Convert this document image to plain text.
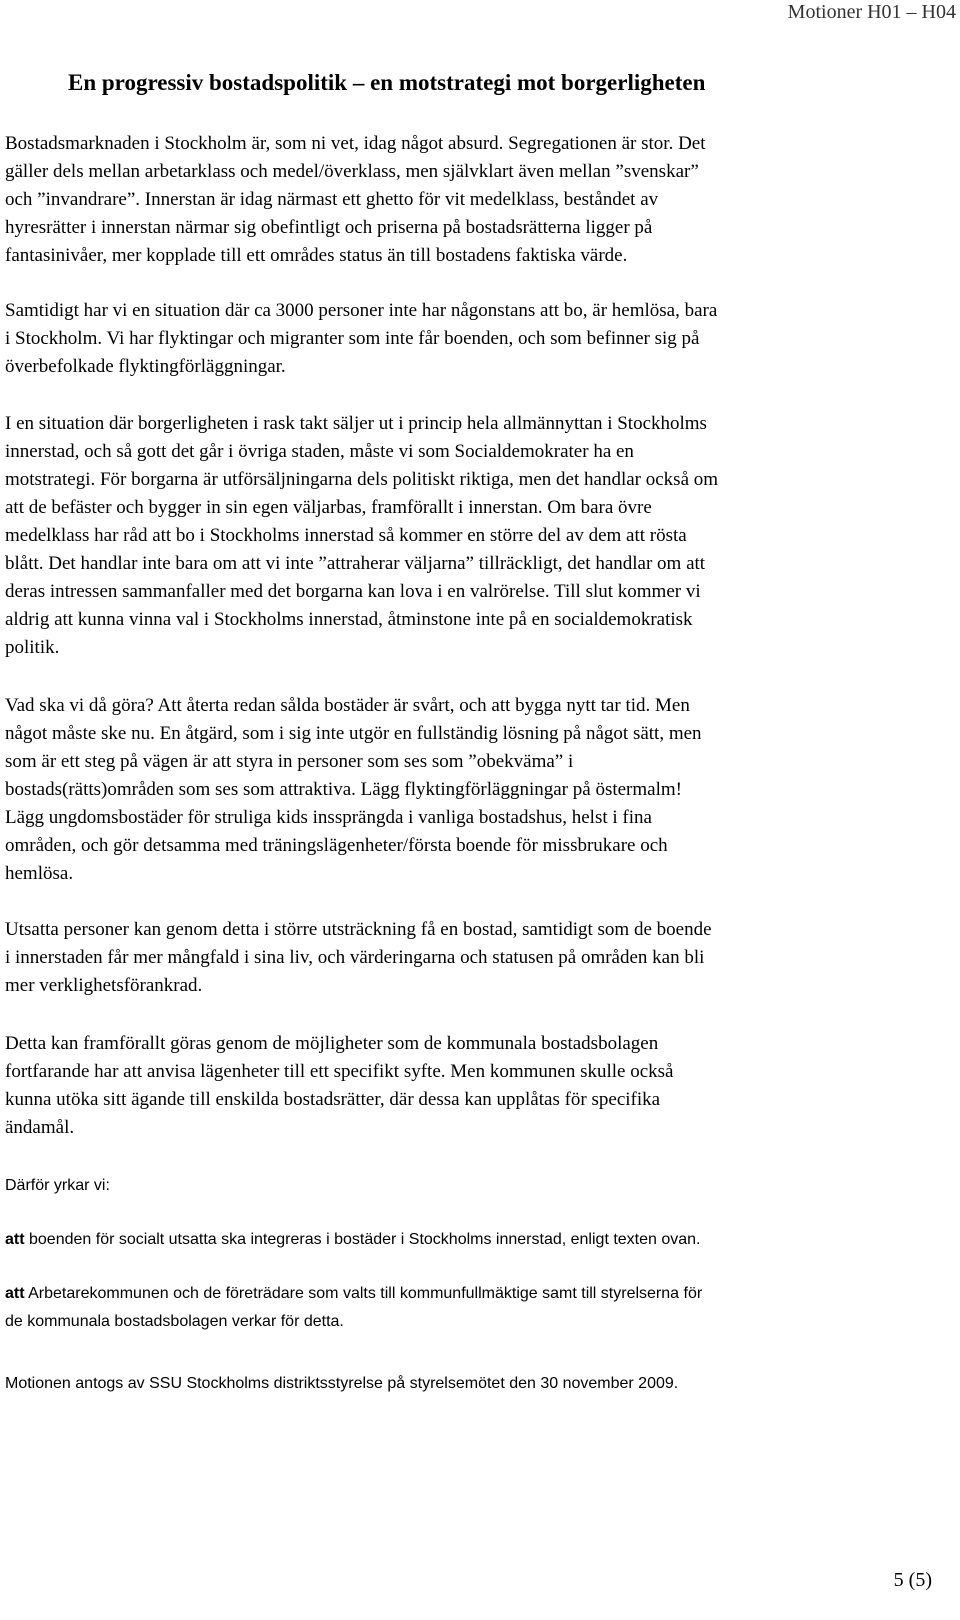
Motioner H01 – H04
En progressiv bostadspolitik – en motstrategi mot borgerligheten

Bostadsmarknaden i Stockholm är, som ni vet, idag något absurd. Segregationen är stor. Det
gäller dels mellan arbetarklass och medel/överklass, men självklart även mellan ”svenskar”
och ”invandrare”. Innerstan är idag närmast ett ghetto för vit medelklass, beståndet av
hyresrätter i innerstan närmar sig obefintligt och priserna på bostadsrätterna ligger på
fantasinivåer, mer kopplade till ett områdes status än till bostadens faktiska värde.

Samtidigt har vi en situation där ca 3000 personer inte har någonstans att bo, är hemlösa, bara
i Stockholm. Vi har flyktingar och migranter som inte får boenden, och som befinner sig på
överbefolkade flyktingförläggningar.

I en situation där borgerligheten i rask takt säljer ut i princip hela allmännyttan i Stockholms
innerstad, och så gott det går i övriga staden, måste vi som Socialdemokrater ha en
motstrategi. För borgarna är utförsäljningarna dels politiskt riktiga, men det handlar också om
att de befäster och bygger in sin egen väljarbas, framförallt i innerstan. Om bara övre
medelklass har råd att bo i Stockholms innerstad så kommer en större del av dem att rösta
blått. Det handlar inte bara om att vi inte ”attraherar väljarna” tillräckligt, det handlar om att
deras intressen sammanfaller med det borgarna kan lova i en valrörelse. Till slut kommer vi
aldrig att kunna vinna val i Stockholms innerstad, åtminstone inte på en socialdemokratisk
politik.

Vad ska vi då göra? Att återta redan sålda bostäder är svårt, och att bygga nytt tar tid. Men
något måste ske nu. En åtgärd, som i sig inte utgör en fullständig lösning på något sätt, men
som är ett steg på vägen är att styra in personer som ses som ”obekväma” i
bostads(rätts)områden som ses som attraktiva. Lägg flyktingförläggningar på östermalm!
Lägg ungdomsbostäder för struliga kids inssprängda i vanliga bostadshus, helst i fina
områden, och gör detsamma med träningslägenheter/första boende för missbrukare och
hemlösa.

Utsatta personer kan genom detta i större utsträckning få en bostad, samtidigt som de boende
i innerstaden får mer mångfald i sina liv, och värderingarna och statusen på områden kan bli
mer verklighetsförankrad.

Detta kan framförallt göras genom de möjligheter som de kommunala bostadsbolagen
fortfarande har att anvisa lägenheter till ett specifikt syfte. Men kommunen skulle också
kunna utöka sitt ägande till enskilda bostadsrätter, där dessa kan upplåtas för specifika
ändamål.

Därför yrkar vi:

att boenden för socialt utsatta ska integreras i bostäder i Stockholms innerstad, enligt texten ovan.

att Arbetarekommunen och de företrädare som valts till kommunfullmäktige samt till styrelserna för
de kommunala bostadsbolagen verkar för detta.

Motionen antogs av SSU Stockholms distriktsstyrelse på styrelsemötet den 30 november 2009.

5 (5)
